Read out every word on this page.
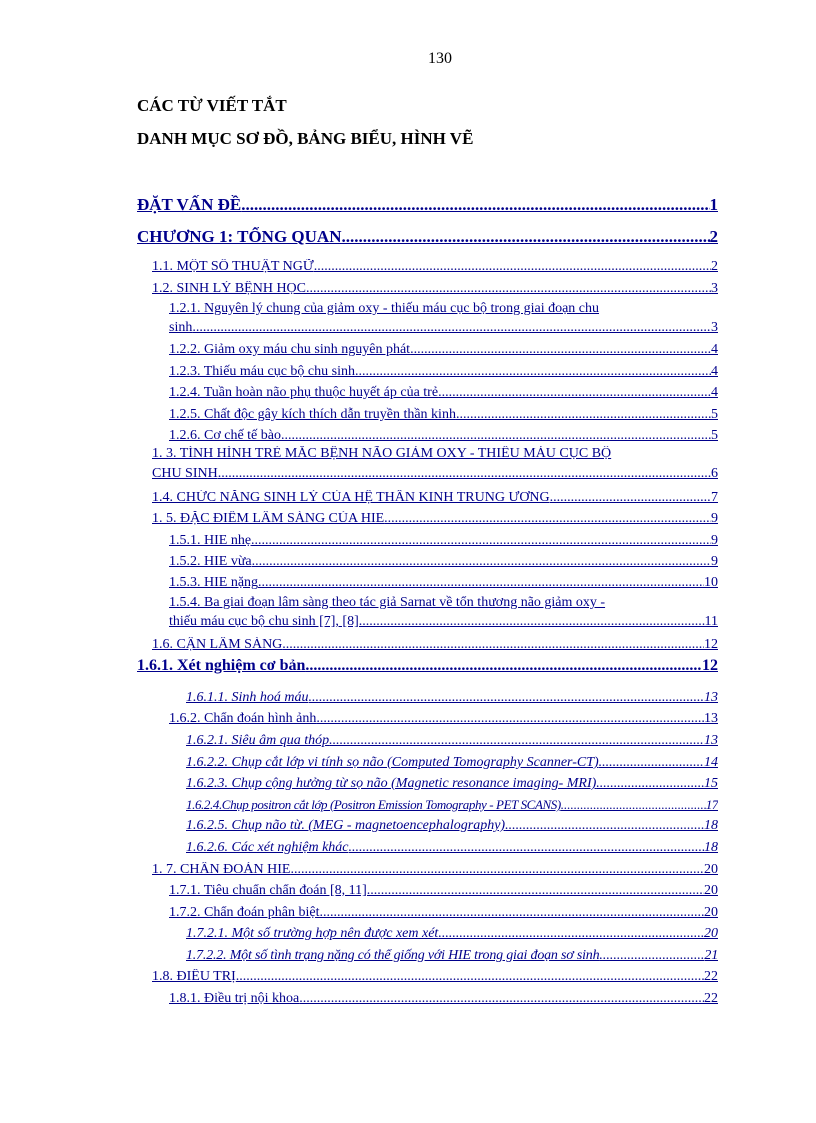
130
CÁC TỪ VIẾT TẮT
DANH MỤC SƠ ĐỒ, BẢNG BIỂU, HÌNH VẼ
ĐẶT VẤN ĐỀ .....	1
CHƯƠNG 1: TỔNG QUAN .....	2
1.1. MỘT SỐ THUẬT NGỮ .....	2
1.2. SINH LÝ BỆNH HỌC .....	3
1.2.1. Nguyên lý chung của giảm oxy - thiếu máu cục bộ trong giai đoạn chu
sinh .....	3
1.2.2. Giảm oxy máu chu sinh nguyên phát .....	4
1.2.3. Thiếu máu cục bộ chu sinh .....	4
1.2.4. Tuần hoàn não phụ thuộc huyết áp của trẻ .....	4
1.2.5. Chất độc gây kích thích dẫn truyền thần kinh .....	5
1.2.6. Cơ chế tế bào .....	5
1. 3. TÌNH HÌNH TRẺ MẮC BỆNH NÃO GIẢM OXY - THIẾU MÁU CỤC BỘ
CHU SINH .....	6
1.4. CHỨC NĂNG SINH LÝ CỦA HỆ THẦN KINH TRUNG ƯƠNG .....	7
1. 5. ĐẶC ĐIỂM LÂM SÀNG CỦA HIE .....	9
1.5.1. HIE nhẹ .....	9
1.5.2. HIE vừa .....	9
1.5.3. HIE nặng .....	10
1.5.4. Ba giai đoạn lâm sàng theo tác giả Sarnat về tổn thương não giảm oxy -
thiếu máu cục bộ chu sinh [7], [8] .....	11
1.6. CẬN LÂM SÀNG .....	12
1.6.1. Xét nghiệm cơ bản .....	12
1.6.1.1. Sinh hoá máu .....	13
1.6.2. Chẩn đoán hình ảnh .....	13
1.6.2.1. Siêu âm qua thóp .....	13
1.6.2.2. Chụp cắt lớp vi tính sọ não (Computed Tomography Scanner-CT) .....	14
1.6.2.3. Chụp cộng hưởng từ sọ não (Magnetic resonance imaging- MRI) .....	15
1.6.2.4.Chụp positron cắt lớp (Positron Emission Tomography - PET SCANS) .....	17
1.6.2.5. Chụp não từ. (MEG - magnetoencephalography) .....	18
1.6.2.6. Các xét nghiệm khác .....	18
1. 7. CHẨN ĐOÁN HIE .....	20
1.7.1. Tiêu chuẩn chẩn đoán [8, 11] .....	20
1.7.2. Chẩn đoán phân biệt .....	20
1.7.2.1. Một số trường hợp nên được xem xét .....	20
1.7.2.2. Một số tình trạng nặng có thể giống với HIE trong giai đoạn sơ sinh .....	21
1.8. ĐIỀU TRỊ .....	22
1.8.1. Điều trị nội khoa .....	22
